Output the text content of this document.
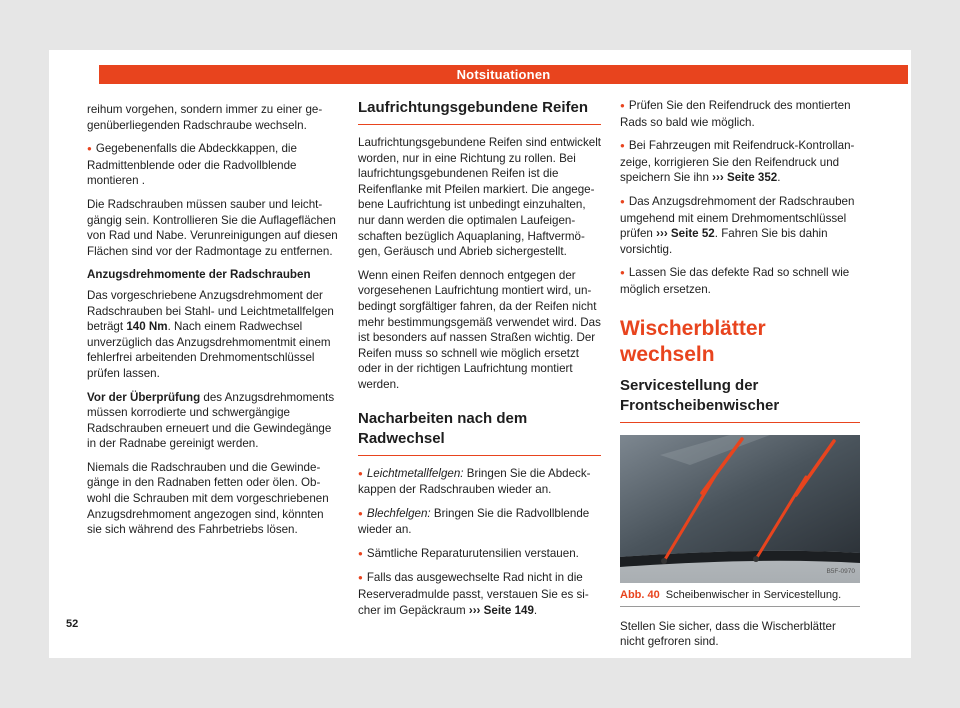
Notsituationen

reihum vorgehen, sondern immer zu einer gegenüberliegenden Radschraube wechseln.

● Gegebenenfalls die Abdeckkappen, die Radmittenblende oder die Radvollblende montieren .

Die Radschrauben müssen sauber und leichtgängig sein. Kontrollieren Sie die Auflageflächen von Rad und Nabe. Verunreinigungen auf diesen Flächen sind vor der Radmontage zu entfernen.

Anzugsdrehmomente der Radschrauben

Das vorgeschriebene Anzugsdrehmoment der Radschrauben bei Stahl- und Leichtmetallfelgen beträgt 140 Nm. Nach einem Radwechsel unverzüglich das Anzugsdrehmomentmit einem fehlerfrei arbeitenden Drehmomentschlüssel prüfen lassen.

Vor der Überprüfung des Anzugsdrehmoments müssen korrodierte und schwergängige Radschrauben erneuert und die Gewindegänge in der Radnabe gereinigt werden.

Niemals die Radschrauben und die Gewindegänge in den Radnaben fetten oder ölen. Obwohl die Schrauben mit dem vorgeschriebenen Anzugsdrehmoment angezogen sind, könnten sie sich während des Fahrbetriebs lösen.

Laufrichtungsgebundene Reifen

Laufrichtungsgebundene Reifen sind entwickelt worden, nur in eine Richtung zu rollen. Bei laufrichtungsgebundenen Reifen ist die Reifenflanke mit Pfeilen markiert. Die angegebene Laufrichtung ist unbedingt einzuhalten, nur dann werden die optimalen Laufeigenschaften bezüglich Aquaplaning, Haftvermögen, Geräusch und Abrieb sichergestellt.

Wenn einen Reifen dennoch entgegen der vorgesehenen Laufrichtung montiert wird, unbedingt sorgfältiger fahren, da der Reifen nicht mehr bestimmungsgemäß verwendet wird. Das ist besonders auf nassen Straßen wichtig. Der Reifen muss so schnell wie möglich ersetzt oder in der richtigen Laufrichtung montiert werden.

Nacharbeiten nach dem Radwechsel

● Leichtmetallfelgen: Bringen Sie die Abdeckkappen der Radschrauben wieder an.

● Blechfelgen: Bringen Sie die Radvollblende wieder an.

● Sämtliche Reparaturutensilien verstauen.

● Falls das ausgewechselte Rad nicht in die Reserveradmulde passt, verstauen Sie es sicher im Gepäckraum ››› Seite 149.

● Prüfen Sie den Reifendruck des montierten Rads so bald wie möglich.

● Bei Fahrzeugen mit Reifendruck-Kontrollanzeige, korrigieren Sie den Reifendruck und speichern Sie ihn ››› Seite 352.

● Das Anzugsdrehmoment der Radschrauben umgehend mit einem Drehmomentschlüssel prüfen ››› Seite 52. Fahren Sie bis dahin vorsichtig.

● Lassen Sie das defekte Rad so schnell wie möglich ersetzen.

Wischerblätter wechseln
Servicestellung der Frontscheibenwischer
B5F-0970
Abb. 40 Scheibenwischer in Servicestellung.

Stellen Sie sicher, dass die Wischerblätter nicht gefroren sind.

52
